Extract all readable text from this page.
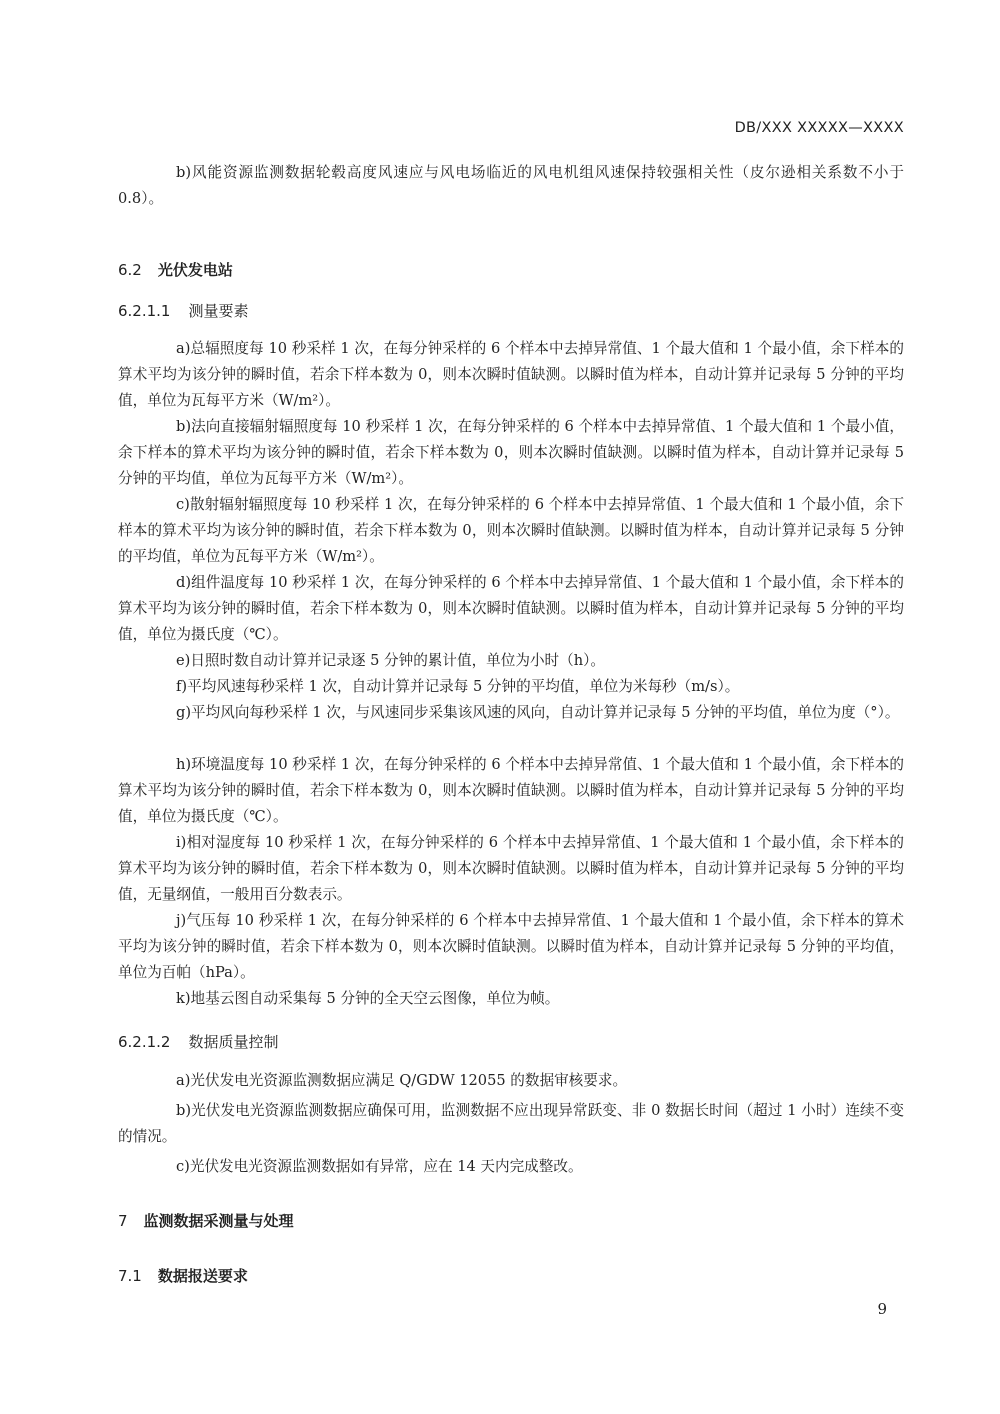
DB/XXX XXXXX—XXXX

b)风能资源监测数据轮毂高度风速应与风电场临近的风电机组风速保持较强相关性（皮尔逊相关系数不小于 0.8）。

6.2 光伏发电站
6.2.1.1 测量要素

a)总辐照度每 10 秒采样 1 次，在每分钟采样的 6 个样本中去掉异常值、1 个最大值和 1 个最小值，余下样本的算术平均为该分钟的瞬时值，若余下样本数为 0，则本次瞬时值缺测。以瞬时值为样本，自动计算并记录每 5 分钟的平均值，单位为瓦每平方米（W/m²）。

b)法向直接辐射辐照度每 10 秒采样 1 次，在每分钟采样的 6 个样本中去掉异常值、1 个最大值和 1 个最小值，余下样本的算术平均为该分钟的瞬时值，若余下样本数为 0，则本次瞬时值缺测。以瞬时值为样本，自动计算并记录每 5 分钟的平均值，单位为瓦每平方米（W/m²）。

c)散射辐射辐照度每 10 秒采样 1 次，在每分钟采样的 6 个样本中去掉异常值、1 个最大值和 1 个最小值，余下样本的算术平均为该分钟的瞬时值，若余下样本数为 0，则本次瞬时值缺测。以瞬时值为样本，自动计算并记录每 5 分钟的平均值，单位为瓦每平方米（W/m²）。

d)组件温度每 10 秒采样 1 次，在每分钟采样的 6 个样本中去掉异常值、1 个最大值和 1 个最小值，余下样本的算术平均为该分钟的瞬时值，若余下样本数为 0，则本次瞬时值缺测。以瞬时值为样本，自动计算并记录每 5 分钟的平均值，单位为摄氏度（℃）。

e)日照时数自动计算并记录逐 5 分钟的累计值，单位为小时（h）。

f)平均风速每秒采样 1 次，自动计算并记录每 5 分钟的平均值，单位为米每秒（m/s）。

g)平均风向每秒采样 1 次，与风速同步采集该风速的风向，自动计算并记录每 5 分钟的平均值，单位为度（°）。

h)环境温度每 10 秒采样 1 次，在每分钟采样的 6 个样本中去掉异常值、1 个最大值和 1 个最小值，余下样本的算术平均为该分钟的瞬时值，若余下样本数为 0，则本次瞬时值缺测。以瞬时值为样本，自动计算并记录每 5 分钟的平均值，单位为摄氏度（℃）。

i)相对湿度每 10 秒采样 1 次，在每分钟采样的 6 个样本中去掉异常值、1 个最大值和 1 个最小值，余下样本的算术平均为该分钟的瞬时值，若余下样本数为 0，则本次瞬时值缺测。以瞬时值为样本，自动计算并记录每 5 分钟的平均值，无量纲值，一般用百分数表示。

j)气压每 10 秒采样 1 次，在每分钟采样的 6 个样本中去掉异常值、1 个最大值和 1 个最小值，余下样本的算术平均为该分钟的瞬时值，若余下样本数为 0，则本次瞬时值缺测。以瞬时值为样本，自动计算并记录每 5 分钟的平均值，单位为百帕（hPa）。

k)地基云图自动采集每 5 分钟的全天空云图像，单位为帧。

6.2.1.2 数据质量控制

a)光伏发电光资源监测数据应满足 Q/GDW 12055 的数据审核要求。

b)光伏发电光资源监测数据应确保可用，监测数据不应出现异常跃变、非 0 数据长时间（超过 1 小时）连续不变的情况。

c)光伏发电光资源监测数据如有异常，应在 14 天内完成整改。

7 监测数据采测量与处理
7.1 数据报送要求
9
